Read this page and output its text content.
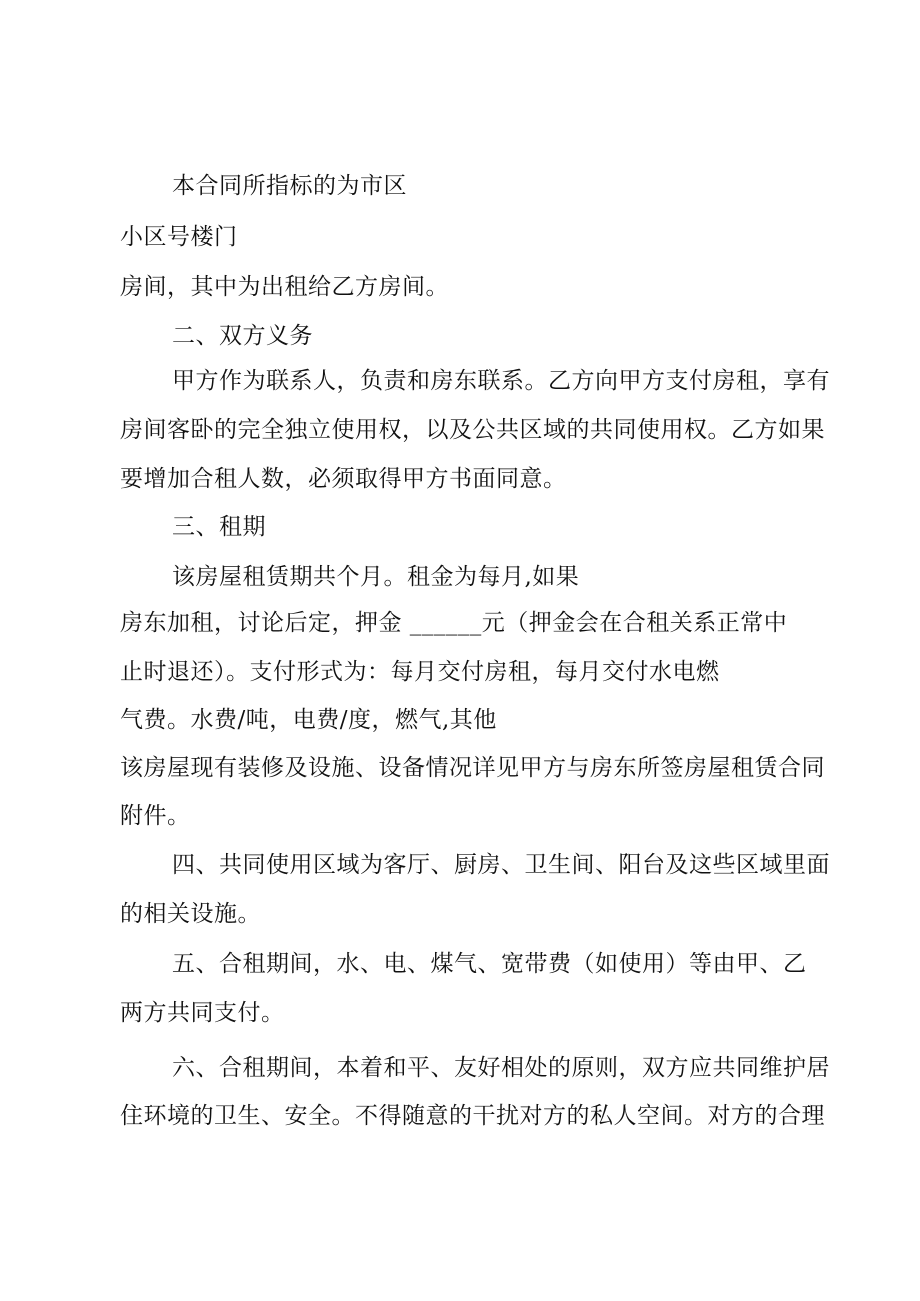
本合同所指标的为市区
小区号楼门
房间，其中为出租给乙方房间。
二、双方义务
甲方作为联系人，负责和房东联系。乙方向甲方支付房租，享有
房间客卧的完全独立使用权，以及公共区域的共同使用权。乙方如果
要增加合租人数，必须取得甲方书面同意。
三、租期
该房屋租赁期共个月。租金为每月,如果
房东加租，讨论后定，押金 ______元（押金会在合租关系正常中
止时退还）。支付形式为：每月交付房租，每月交付水电燃
气费。水费/吨，电费/度，燃气,其他
该房屋现有装修及设施、设备情况详见甲方与房东所签房屋租赁合同
附件。
四、共同使用区域为客厅、厨房、卫生间、阳台及这些区域里面
的相关设施。
五、合租期间，水、电、煤气、宽带费（如使用）等由甲、乙
两方共同支付。
六、合租期间，本着和平、友好相处的原则，双方应共同维护居
住环境的卫生、安全。不得随意的干扰对方的私人空间。对方的合理
